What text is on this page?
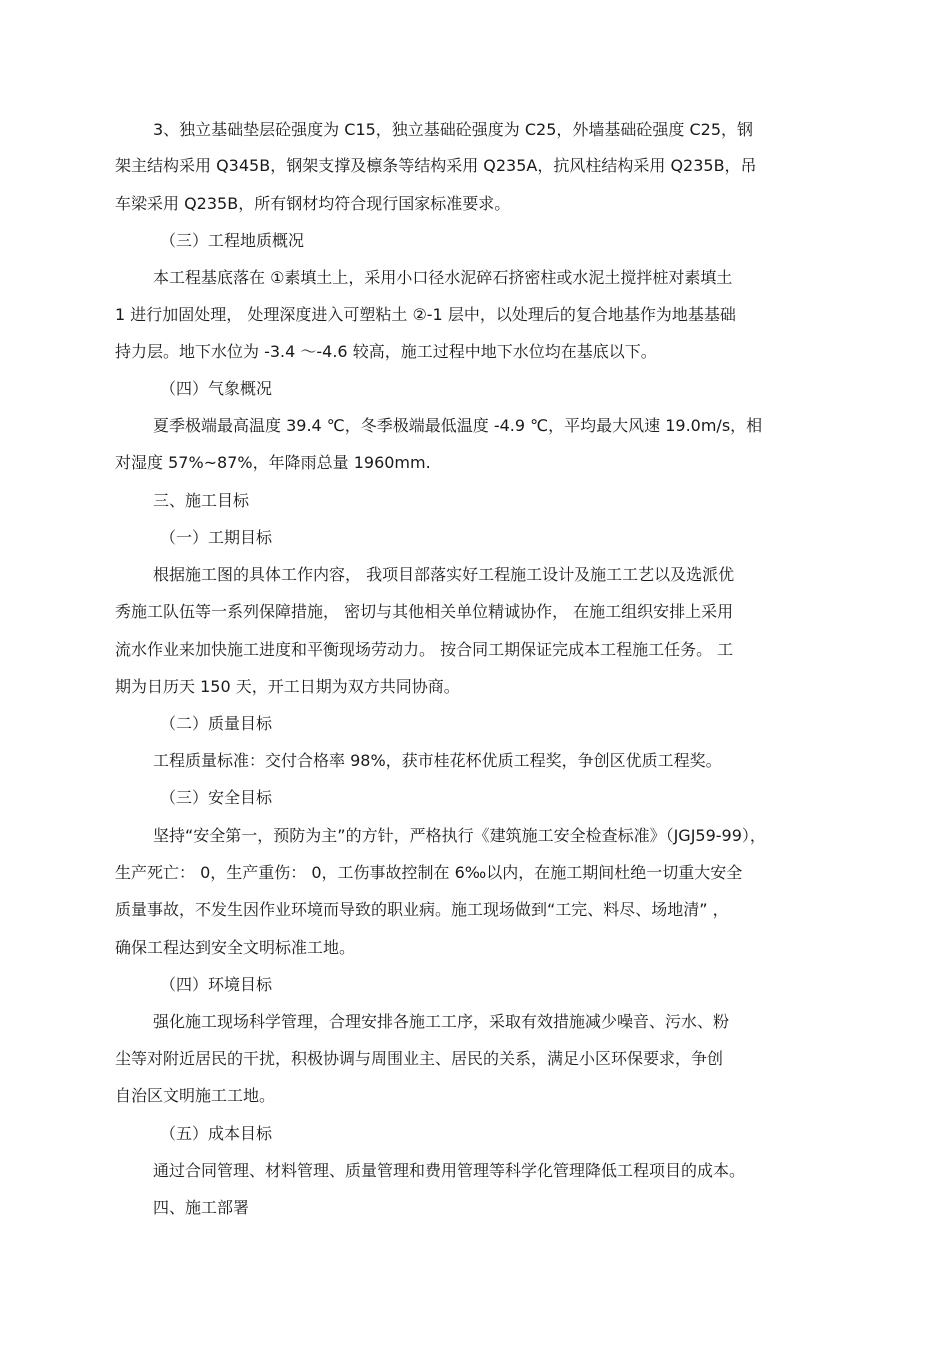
3、独立基础垫层砼强度为 C15，独立基础砼强度为 C25，外墙基础砼强度 C25，钢
架主结构采用 Q345B，钢架支撑及檩条等结构采用 Q235A，抗风柱结构采用 Q235B，吊
车梁采用 Q235B，所有钢材均符合现行国家标准要求。
（三）工程地质概况
本工程基底落在 ①素填土上，采用小口径水泥碎石挤密柱或水泥土搅拌桩对素填土
1 进行加固处理， 处理深度进入可塑粘土 ②-1 层中，以处理后的复合地基作为地基基础
持力层。地下水位为 -3.4 ～-4.6 较高，施工过程中地下水位均在基底以下。
（四）气象概况
夏季极端最高温度 39.4 ℃，冬季极端最低温度 -4.9 ℃，平均最大风速 19.0m/s，相
对湿度 57%~87%，年降雨总量 1960mm.
三、施工目标
（一）工期目标
根据施工图的具体工作内容， 我项目部落实好工程施工设计及施工工艺以及选派优
秀施工队伍等一系列保障措施， 密切与其他相关单位精诚协作， 在施工组织安排上采用
流水作业来加快施工进度和平衡现场劳动力。 按合同工期保证完成本工程施工任务。 工
期为日历天 150 天，开工日期为双方共同协商。
（二）质量目标
工程质量标准：交付合格率 98%，获市桂花杯优质工程奖，争创区优质工程奖。
（三）安全目标
坚持“安全第一，预防为主”的方针，严格执行《建筑施工安全检查标准》（JGJ59-99），
生产死亡： 0，生产重伤： 0，工伤事故控制在 6‰以内，在施工期间杜绝一切重大安全
质量事故，不发生因作业环境而导致的职业病。施工现场做到“工完、料尽、场地清” ，
确保工程达到安全文明标准工地。
（四）环境目标
强化施工现场科学管理，合理安排各施工工序，采取有效措施减少噪音、污水、粉
尘等对附近居民的干扰，积极协调与周围业主、居民的关系，满足小区环保要求，争创
自治区文明施工工地。
（五）成本目标
通过合同管理、材料管理、质量管理和费用管理等科学化管理降低工程项目的成本。
四、施工部署
